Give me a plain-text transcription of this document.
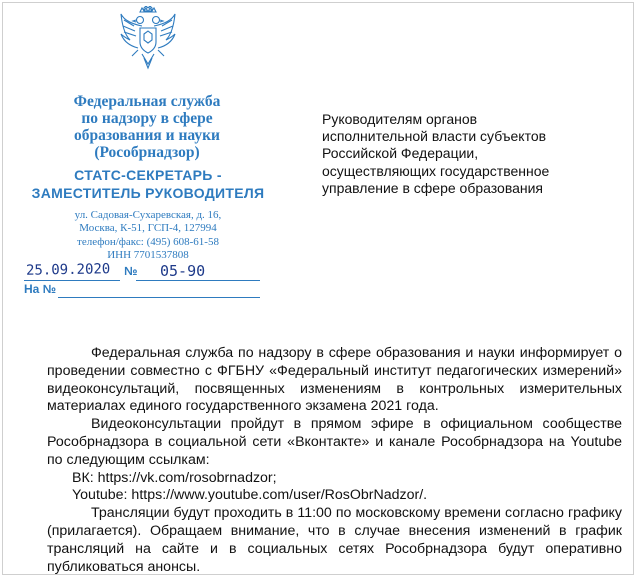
Федеральная служба
по надзору в сфере
образования и науки
(Рособрнадзор)
СТАТС-СЕКРЕТАРЬ -
ЗАМЕСТИТЕЛЬ РУКОВОДИТЕЛЯ
ул. Садовая-Сухаревская, д. 16,
Москва, К-51, ГСП-4, 127994
телефон/факс: (495) 608-61-58
ИНН 7701537808
25.09.2020 № 05-90
На №
Руководителям органов
исполнительной власти субъектов
Российской Федерации,
осуществляющих государственное
управление в сфере образования

Федеральная служба по надзору в сфере образования и науки информирует о проведении совместно с ФГБНУ «Федеральный институт педагогических измерений» видеоконсультаций, посвященных изменениям в контрольных измерительных материалах единого государственного экзамена 2021 года.

Видеоконсультации пройдут в прямом эфире в официальном сообществе Рособрнадзора в социальной сети «Вконтакте» и канале Рособрнадзора на Youtube по следующим ссылкам:

ВК: https://vk.com/rosobrnadzor;

Youtube: https://www.youtube.com/user/RosObrNadzor/.

Трансляции будут проходить в 11:00 по московскому времени согласно графику (прилагается). Обращаем внимание, что в случае внесения изменений в график трансляций на сайте и в социальных сетях Рособрнадзора будут оперативно публиковаться анонсы.
